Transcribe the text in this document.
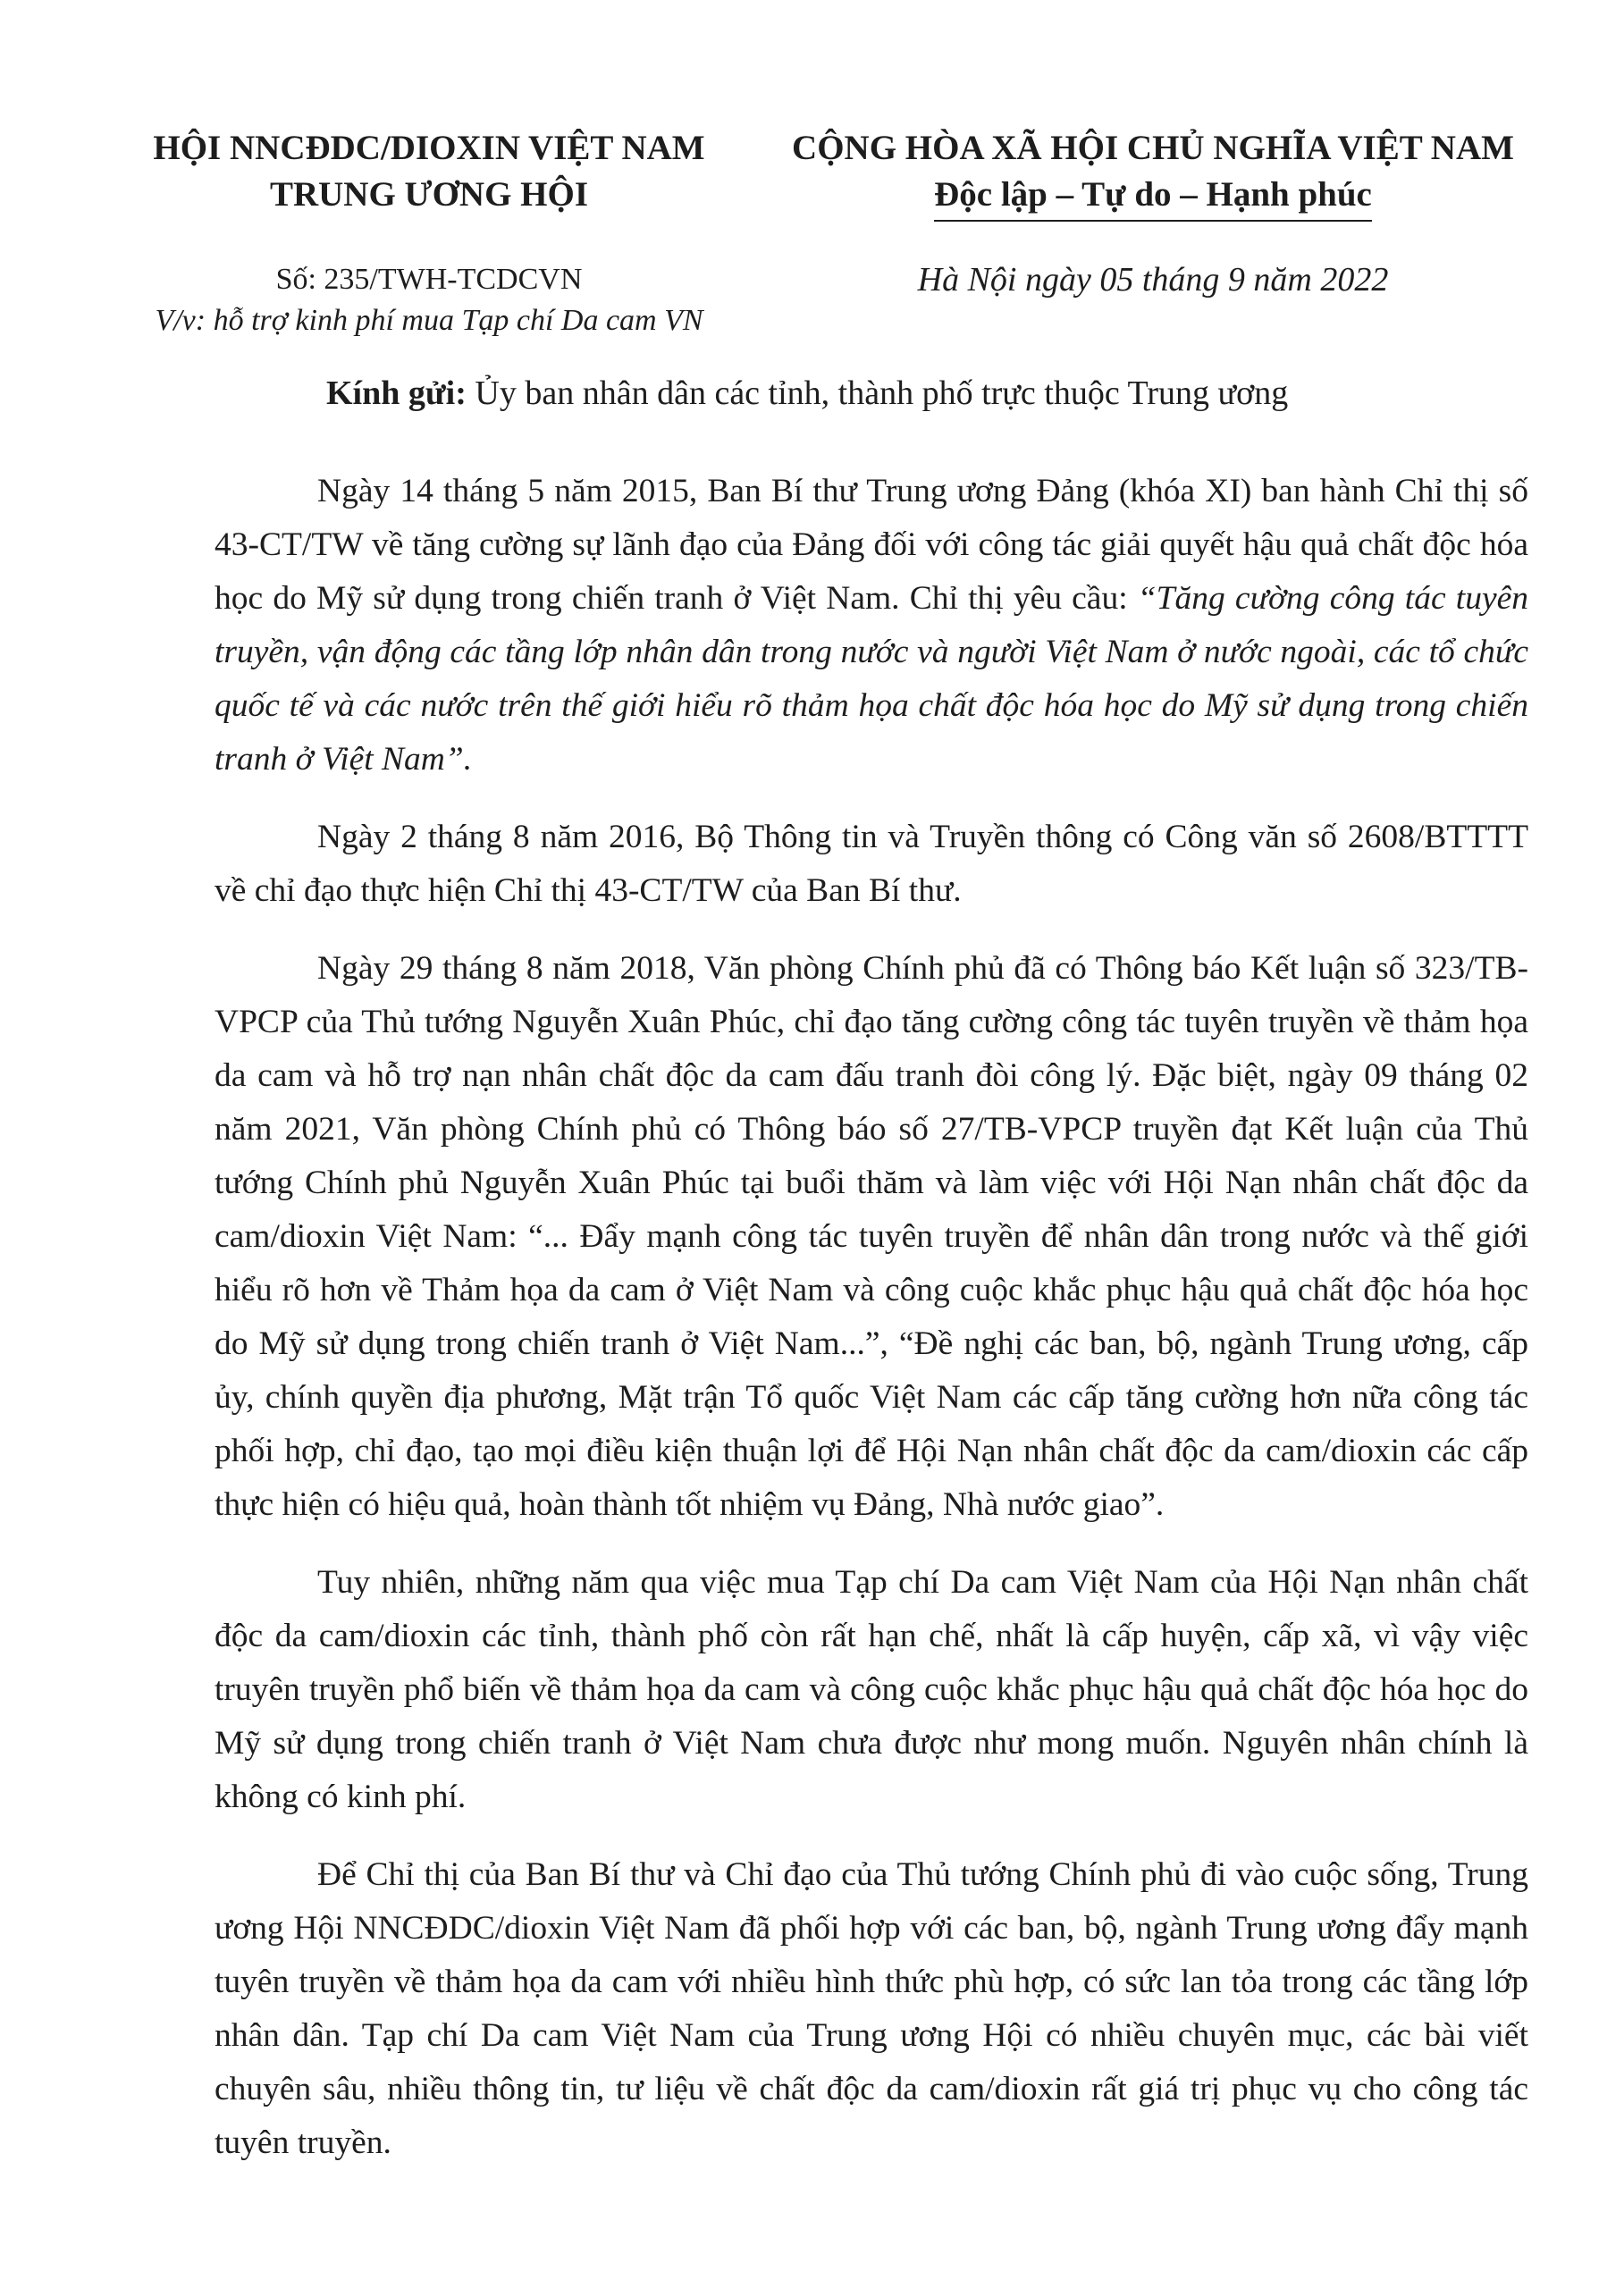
HỘI NNCĐDC/DIOXIN VIỆT NAM
TRUNG ƯƠNG HỘI
CỘNG HÒA XÃ HỘI CHỦ NGHĨA VIỆT NAM
Độc lập – Tự do – Hạnh phúc
Số: 235/TWH-TCDCVN
V/v: hỗ trợ kinh phí mua Tạp chí Da cam VN
Hà Nội ngày 05 tháng 9 năm 2022
Kính gửi: Ủy ban nhân dân các tỉnh, thành phố trực thuộc Trung ương

Ngày 14 tháng 5 năm 2015, Ban Bí thư Trung ương Đảng (khóa XI) ban hành Chỉ thị số 43-CT/TW về tăng cường sự lãnh đạo của Đảng đối với công tác giải quyết hậu quả chất độc hóa học do Mỹ sử dụng trong chiến tranh ở Việt Nam. Chỉ thị yêu cầu: “Tăng cường công tác tuyên truyền, vận động các tầng lớp nhân dân trong nước và người Việt Nam ở nước ngoài, các tổ chức quốc tế và các nước trên thế giới hiểu rõ thảm họa chất độc hóa học do Mỹ sử dụng trong chiến tranh ở Việt Nam”.

Ngày 2 tháng 8 năm 2016, Bộ Thông tin và Truyền thông có Công văn số 2608/BTTTT về chỉ đạo thực hiện Chỉ thị 43-CT/TW của Ban Bí thư.

Ngày 29 tháng 8 năm 2018, Văn phòng Chính phủ đã có Thông báo Kết luận số 323/TB-VPCP của Thủ tướng Nguyễn Xuân Phúc, chỉ đạo tăng cường công tác tuyên truyền về thảm họa da cam và hỗ trợ nạn nhân chất độc da cam đấu tranh đòi công lý. Đặc biệt, ngày 09 tháng 02 năm 2021, Văn phòng Chính phủ có Thông báo số 27/TB-VPCP truyền đạt Kết luận của Thủ tướng Chính phủ Nguyễn Xuân Phúc tại buổi thăm và làm việc với Hội Nạn nhân chất độc da cam/dioxin Việt Nam: “... Đẩy mạnh công tác tuyên truyền để nhân dân trong nước và thế giới hiểu rõ hơn về Thảm họa da cam ở Việt Nam và công cuộc khắc phục hậu quả chất độc hóa học do Mỹ sử dụng trong chiến tranh ở Việt Nam...”, “Đề nghị các ban, bộ, ngành Trung ương, cấp ủy, chính quyền địa phương, Mặt trận Tổ quốc Việt Nam các cấp tăng cường hơn nữa công tác phối hợp, chỉ đạo, tạo mọi điều kiện thuận lợi để Hội Nạn nhân chất độc da cam/dioxin các cấp thực hiện có hiệu quả, hoàn thành tốt nhiệm vụ Đảng, Nhà nước giao”.

Tuy nhiên, những năm qua việc mua Tạp chí Da cam Việt Nam của Hội Nạn nhân chất độc da cam/dioxin các tỉnh, thành phố còn rất hạn chế, nhất là cấp huyện, cấp xã, vì vậy việc truyên truyền phổ biến về thảm họa da cam và công cuộc khắc phục hậu quả chất độc hóa học do Mỹ sử dụng trong chiến tranh ở Việt Nam chưa được như mong muốn. Nguyên nhân chính là không có kinh phí.

Để Chỉ thị của Ban Bí thư và Chỉ đạo của Thủ tướng Chính phủ đi vào cuộc sống, Trung ương Hội NNCĐDC/dioxin Việt Nam đã phối hợp với các ban, bộ, ngành Trung ương đẩy mạnh tuyên truyền về thảm họa da cam với nhiều hình thức phù hợp, có sức lan tỏa trong các tầng lớp nhân dân. Tạp chí Da cam Việt Nam của Trung ương Hội có nhiều chuyên mục, các bài viết chuyên sâu, nhiều thông tin, tư liệu về chất độc da cam/dioxin rất giá trị phục vụ cho công tác tuyên truyền.
